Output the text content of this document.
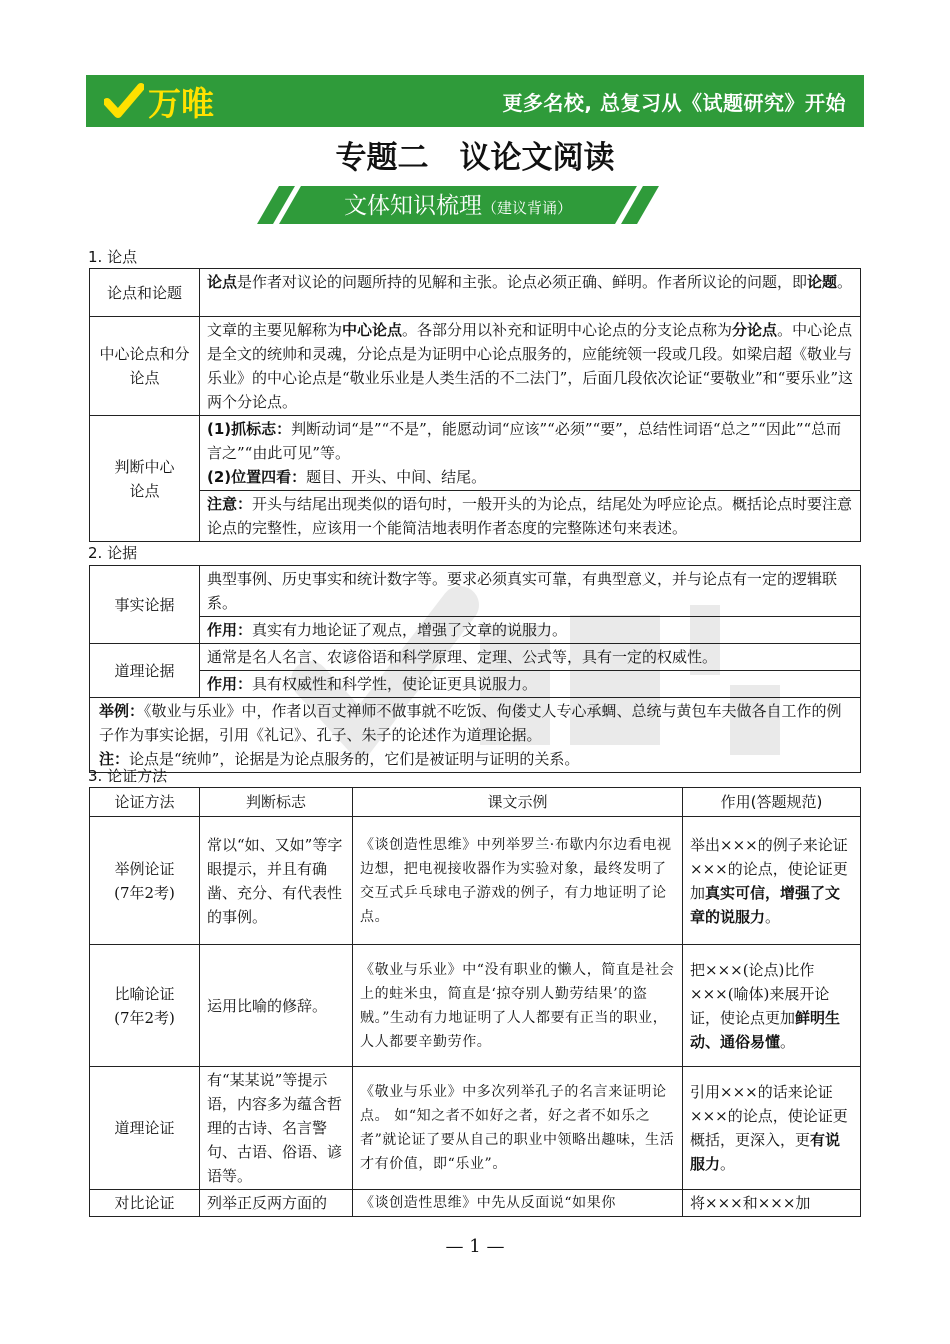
万唯	更多名校, 总复习从《试题研究》开始
专题二　议论文阅读
文体知识梳理（建议背诵）
1. 论点
论点和论题	论点是作者对议论的问题所持的见解和主张。论点必须正确、鲜明。作者所议论的问题，即论题。
中心论点和分论点	文章的主要见解称为中心论点。各部分用以补充和证明中心论点的分支论点称为分论点。中心论点是全文的统帅和灵魂，分论点是为证明中心论点服务的，应能统领一段或几段。如梁启超《敬业与乐业》的中心论点是“敬业乐业是人类生活的不二法门”，后面几段依次论证“要敬业”和“要乐业”这两个分论点。
判断中心论点	(1)抓标志：判断动词“是”“不是”，能愿动词“应该”“必须”“要”，总结性词语“总之”“因此”“总而言之”“由此可见”等。
(2)位置四看：题目、开头、中间、结尾。
	注意：开头与结尾出现类似的语句时，一般开头的为论点，结尾处为呼应论点。概括论点时要注意论点的完整性，应该用一个能简洁地表明作者态度的完整陈述句来表述。
2. 论据
事实论据	典型事例、历史事实和统计数字等。要求必须真实可靠，有典型意义，并与论点有一定的逻辑联系。
	作用：真实有力地论证了观点，增强了文章的说服力。
道理论据	通常是名人名言、农谚俗语和科学原理、定理、公式等，具有一定的权威性。
	作用：具有权威性和科学性，使论证更具说服力。
举例：《敬业与乐业》中，作者以百丈禅师不做事就不吃饭、佝偻丈人专心承蜩、总统与黄包车夫做各自工作的例子作为事实论据，引用《礼记》、孔子、朱子的论述作为道理论据。
注：论点是“统帅”，论据是为论点服务的，它们是被证明与证明的关系。	
3. 论证方法
论证方法	判断标志	课文示例	作用(答题规范)
举例论证
(7年2考)	常以“如、又如”等字眼提示，并且有确凿、充分、有代表性的事例。	《谈创造性思维》中列举罗兰·布歇内尔边看电视边想，把电视接收器作为实验对象，最终发明了交互式乒乓球电子游戏的例子，有力地证明了论点。	举出×××的例子来论证×××的论点，使论证更加真实可信，增强了文章的说服力。
比喻论证
(7年2考)	运用比喻的修辞。	《敬业与乐业》中“没有职业的懒人，简直是社会上的蛀米虫，简直是‘掠夺别人勤劳结果’的盗贼。”生动有力地证明了人人都要有正当的职业，人人都要辛勤劳作。	把×××(论点)比作×××(喻体)来展开论证，使论点更加鲜明生动、通俗易懂。
道理论证	有“某某说”等提示语，内容多为蕴含哲理的古诗、名言警句、古语、俗语、谚语等。	《敬业与乐业》中多次列举孔子的名言来证明论点。 如“知之者不如好之者，好之者不如乐之者”就论证了要从自己的职业中领略出趣味，生活才有价值，即“乐业”。	引用×××的话来论证×××的论点，使论证更概括，更深入，更有说服力。
对比论证	列举正反两方面的	《谈创造性思维》中先从反面说“如果你	将×××和×××加
— 1 —
